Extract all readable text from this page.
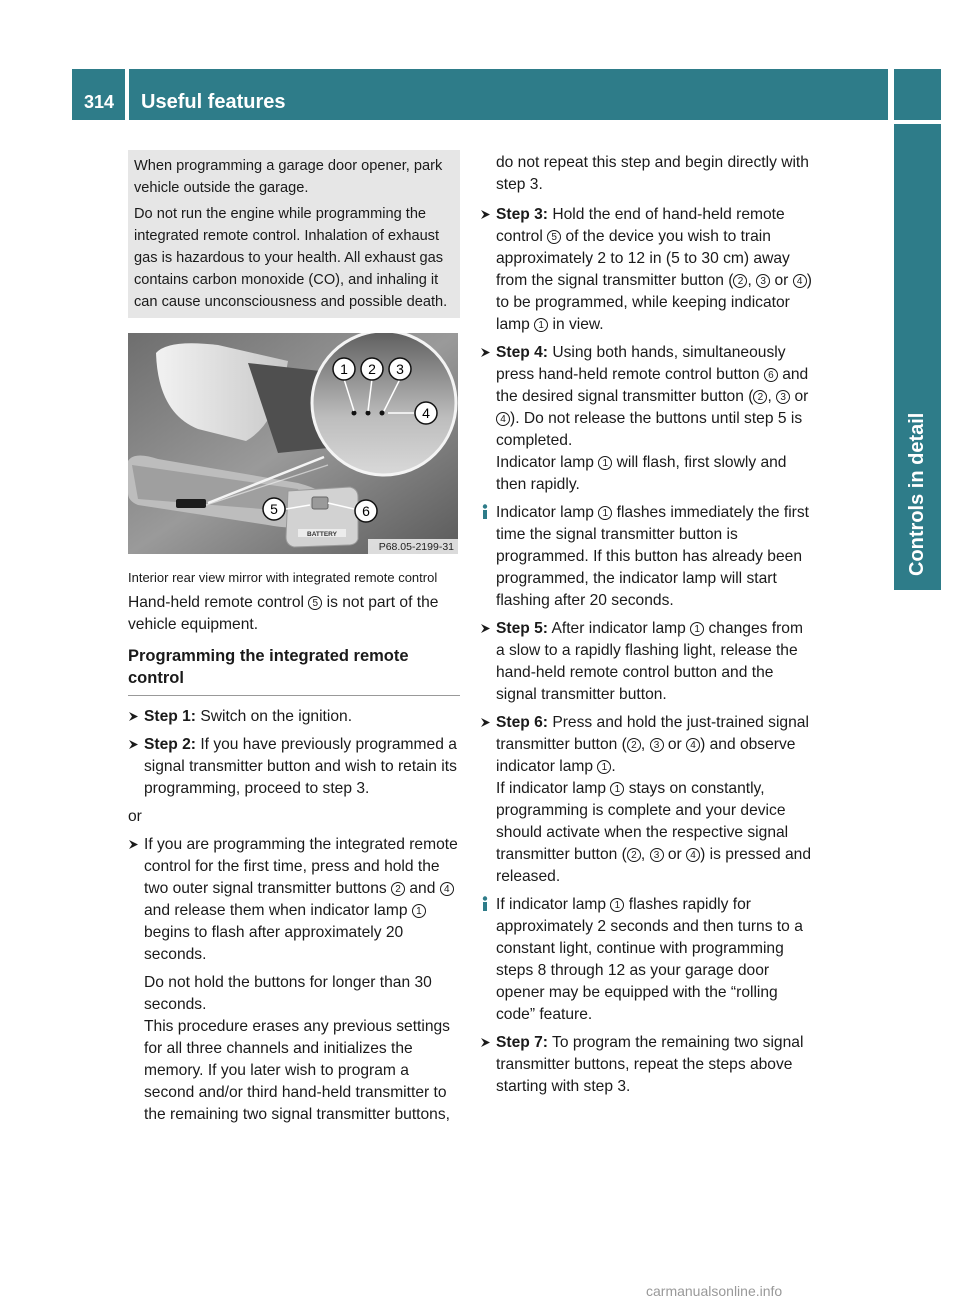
314 Useful features
Controls in detail

When programming a garage door opener, park vehicle outside the garage.

Do not run the engine while programming the integrated remote control. Inhalation of exhaust gas is hazardous to your health. All exhaust gas contains carbon monoxide (CO), and inhaling it can cause unconsciousness and possible death.

1 2 3
4
BATTERY
5	6
P68.05-2199-31
Interior rear view mirror with integrated remote control

Hand-held remote control 5 is not part of the vehicle equipment.

Programming the integrated remote control
Step 1: Switch on the ignition.
Step 2: If you have previously programmed a signal transmitter button and wish to retain its programming, proceed to step 3.

or

If you are programming the integrated remote control for the first time, press and hold the two outer signal transmitter buttons 2 and 4 and release them when indicator lamp 1 begins to flash after approximately 20 seconds.

Do not hold the buttons for longer than 30 seconds.

This procedure erases any previous settings for all three channels and initializes the memory. If you later wish to program a second and/or third hand-held transmitter to the remaining two signal transmitter buttons,

do not repeat this step and begin directly with step 3.

Step 3: Hold the end of hand-held remote control 5 of the device you wish to train approximately 2 to 12 in (5 to 30 cm) away from the signal transmitter button ( 2 , 3 or 4 ) to be programmed, while keeping indicator lamp 1 in view.
Step 4: Using both hands, simultaneously press hand-held remote control button 6 and the desired signal transmitter button ( 2 , 3 or 4 ). Do not release the buttons until step 5 is completed.
Indicator lamp 1 will flash, first slowly and then rapidly.
Indicator lamp 1 flashes immediately the first time the signal transmitter button is programmed. If this button has already been programmed, the indicator lamp will start flashing after 20 seconds.
Step 5: After indicator lamp 1 changes from a slow to a rapidly flashing light, release the hand-held remote control button and the signal transmitter button.
Step 6: Press and hold the just-trained signal transmitter button ( 2 , 3 or 4 ) and observe indicator lamp 1 .
If indicator lamp 1 stays on constantly, programming is complete and your device should activate when the respective signal transmitter button ( 2 , 3 or 4 ) is pressed and released.
If indicator lamp 1 flashes rapidly for approximately 2 seconds and then turns to a constant light, continue with programming steps 8 through 12 as your garage door opener may be equipped with the “rolling code” feature.
Step 7: To program the remaining two signal transmitter buttons, repeat the steps above starting with step 3.
carmanualsonline.info
